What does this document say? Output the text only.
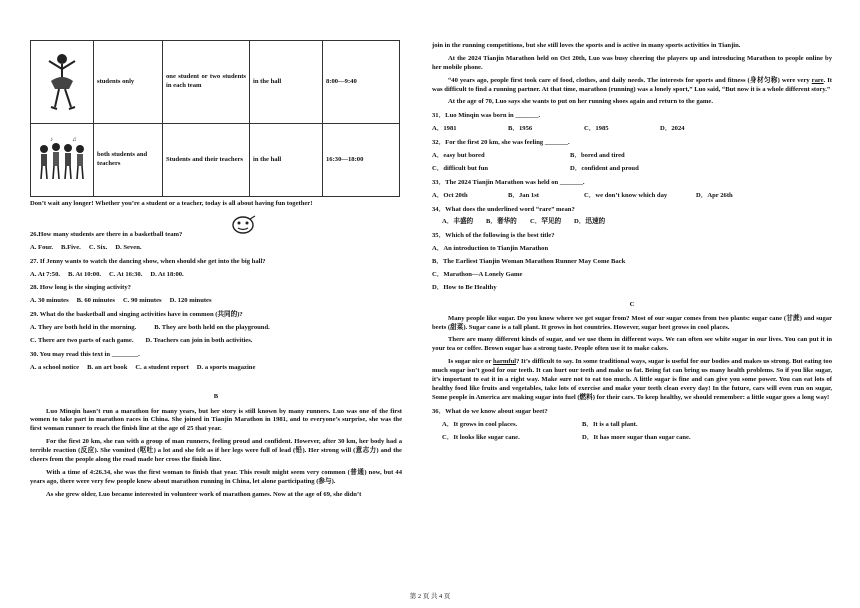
	students only	one student or two students in each team	in the hall	8:00—9:40

♪ ♫	both students and teachers	Students and their teachers	in the hall	16:30—18:00

Don’t wait any longer! Whether you’re a student or a teacher, today is all about having fun together!

26.How many students are there in a basketball team?

A. Four. B.Five. C. Six. D. Seven.

27. If Jenny wants to watch the dancing show, when should she get into the big hall?

A. At 7:50. B. At 10:00. C. At 16:30. D. At 18:00.

28. How long is the singing activity?

A. 30 minutes B. 60 minutes C. 90 minutes D. 120 minutes

29. What do the basketball and singing activities have in common (共同的)?

A. They are both held in the morning.	B. They are both held on the playground.

C. There are two parts of each game. D. Teachers can join in both activities.

30. You may read this text in ________.

A. a school notice B. an art book C. a student report D. a sports magazine

B

Luo Minqin hasn’t run a marathon for many years, but her story is still known by many runners. Luo was one of the first women to take part in marathon races in China. She joined in Tianjin Marathon in 1981, and to everyone’s surprise, she was the first woman runner to reach the finish line at the age of 25 that year.

For the first 20 km, she ran with a group of man runners, feeling proud and confident. However, after 30 km, her body had a terrible reaction (反应). She vomited (呕吐) a lot and she felt as if her legs were full of lead (铅). Her strong will (意志力) and the cheers from the people along the road made her cross the finish line.

With a time of 4:26.34, she was the first woman to finish that year. This result might seem very common (普通) now, but 44 years ago, there were very few people knew about marathon running in China, let alone participating (参与).

As she grew older, Luo became interested in volunteer work of marathon games. Now at the age of 69, she didn’t

join in the running competitions, but she still loves the sports and is active in many sports activities in Tianjin.

At the 2024 Tianjin Marathon held on Oct 20th, Luo was busy cheering the players up and introducing Marathon to people online by her mobile phone.

“40 years ago, people first took care of food, clothes, and daily needs. The interests for sports and fitness (身材匀称) were very rare. It was difficult to find a running partner. At that time, marathon (running) was a lonely sport,” Luo said, “But now it is a whole different story.”

At the age of 70, Luo says she wants to put on her running shoes again and return to the game.

31．Luo Minqin was born in _______.

A．1981	B．1956	C．1985	D．2024

32．For the first 20 km, she was feeling _______.

A．easy but bored	B．bored and tired
C．difficult but fun	D．confident and proud

33．The 2024 Tianjin Marathon was held on _______.

A．Oct 20th	B．Jan 1st	C．we don’t know which day	D．Apr 26th

34．What does the underlined word “rare” mean?

A．丰盛的	B．奢华的	C．罕见的	D．迅速的

35．Which of the following is the best title?

A．An introduction to Tianjin Marathon

B．The Earliest Tianjin Woman Marathon Runner May Come Back

C．Marathon—A Lonely Game

D．How to Be Healthy

C

Many people like sugar. Do you know where we get sugar from? Most of our sugar comes from two plants: sugar cane (甘蔗) and sugar beets (甜菜). Sugar cane is a tall plant. It grows in hot countries. However, sugar beet grows in cool places.

There are many different kinds of sugar, and we use them in different ways. We can often see white sugar in our lives. You can put it in your tea or coffee. Brown sugar has a strong taste. People often use it to make cakes.

Is sugar nice or harmful? It’s difficult to say. In some traditional ways, sugar is useful for our bodies and makes us strong. But eating too much sugar isn’t good for our teeth. It can hurt our teeth and make us fat. Being fat can bring us many health problems. So if you like sugar, it’s important to eat it in a right way. Make sure not to eat too much. A little sugar is fine and can give you some power. You can eat lots of healthy food like fruits and vegetables, take lots of exercise and make your teeth clean every day! In the future, cars will even run on sugar, Some people in America are making sugar into fuel (燃料) for their cars. To keep healthy, we should remember: a little sugar goes a long way!

36．What do we know about sugar beet?

A．It grows in cool places.	B．It is a tall plant.
C．It looks like sugar cane.	D．It has more sugar than sugar cane.
第 2 页 共 4 页
